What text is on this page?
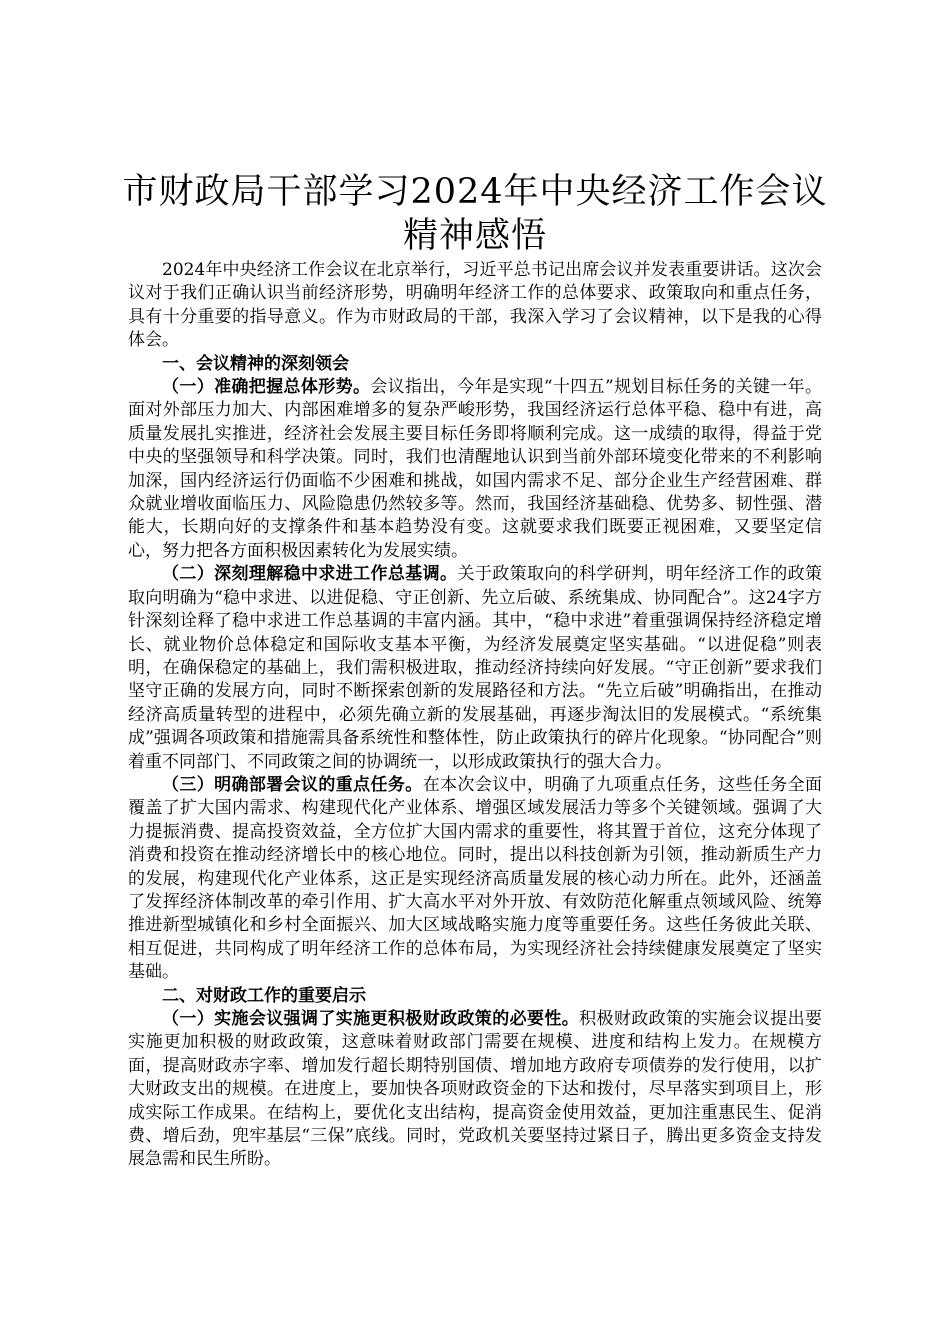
市财政局干部学习2024年中央经济工作会议精神感悟

2024年中央经济工作会议在北京举行，习近平总书记出席会议并发表重要讲话。这次会议对于我们正确认识当前经济形势，明确明年经济工作的总体要求、政策取向和重点任务，具有十分重要的指导意义。作为市财政局的干部，我深入学习了会议精神，以下是我的心得体会。

一、会议精神的深刻领会

（一）准确把握总体形势。会议指出，今年是实现“十四五”规划目标任务的关键一年。面对外部压力加大、内部困难增多的复杂严峻形势，我国经济运行总体平稳、稳中有进，高质量发展扎实推进，经济社会发展主要目标任务即将顺利完成。这一成绩的取得，得益于党中央的坚强领导和科学决策。同时，我们也清醒地认识到当前外部环境变化带来的不利影响加深，国内经济运行仍面临不少困难和挑战，如国内需求不足、部分企业生产经营困难、群众就业增收面临压力、风险隐患仍然较多等。然而，我国经济基础稳、优势多、韧性强、潜能大，长期向好的支撑条件和基本趋势没有变。这就要求我们既要正视困难，又要坚定信心，努力把各方面积极因素转化为发展实绩。

（二）深刻理解稳中求进工作总基调。关于政策取向的科学研判，明年经济工作的政策取向明确为“稳中求进、以进促稳、守正创新、先立后破、系统集成、协同配合”。这24字方针深刻诠释了稳中求进工作总基调的丰富内涵。其中，“稳中求进”着重强调保持经济稳定增长、就业物价总体稳定和国际收支基本平衡，为经济发展奠定坚实基础。“以进促稳”则表明，在确保稳定的基础上，我们需积极进取，推动经济持续向好发展。“守正创新”要求我们坚守正确的发展方向，同时不断探索创新的发展路径和方法。“先立后破”明确指出，在推动经济高质量转型的进程中，必须先确立新的发展基础，再逐步淘汰旧的发展模式。“系统集成”强调各项政策和措施需具备系统性和整体性，防止政策执行的碎片化现象。“协同配合”则着重不同部门、不同政策之间的协调统一，以形成政策执行的强大合力。

（三）明确部署会议的重点任务。在本次会议中，明确了九项重点任务，这些任务全面覆盖了扩大国内需求、构建现代化产业体系、增强区域发展活力等多个关键领域。强调了大力提振消费、提高投资效益，全方位扩大国内需求的重要性，将其置于首位，这充分体现了消费和投资在推动经济增长中的核心地位。同时，提出以科技创新为引领，推动新质生产力的发展，构建现代化产业体系，这正是实现经济高质量发展的核心动力所在。此外，还涵盖了发挥经济体制改革的牵引作用、扩大高水平对外开放、有效防范化解重点领域风险、统筹推进新型城镇化和乡村全面振兴、加大区域战略实施力度等重要任务。这些任务彼此关联、相互促进，共同构成了明年经济工作的总体布局，为实现经济社会持续健康发展奠定了坚实基础。

二、对财政工作的重要启示

（一）实施会议强调了实施更积极财政政策的必要性。积极财政政策的实施会议提出要实施更加积极的财政政策，这意味着财政部门需要在规模、进度和结构上发力。在规模方面，提高财政赤字率、增加发行超长期特别国债、增加地方政府专项债券的发行使用，以扩大财政支出的规模。在进度上，要加快各项财政资金的下达和拨付，尽早落实到项目上，形成实际工作成果。在结构上，要优化支出结构，提高资金使用效益，更加注重惠民生、促消费、增后劲，兜牢基层“三保”底线。同时，党政机关要坚持过紧日子，腾出更多资金支持发展急需和民生所盼。
